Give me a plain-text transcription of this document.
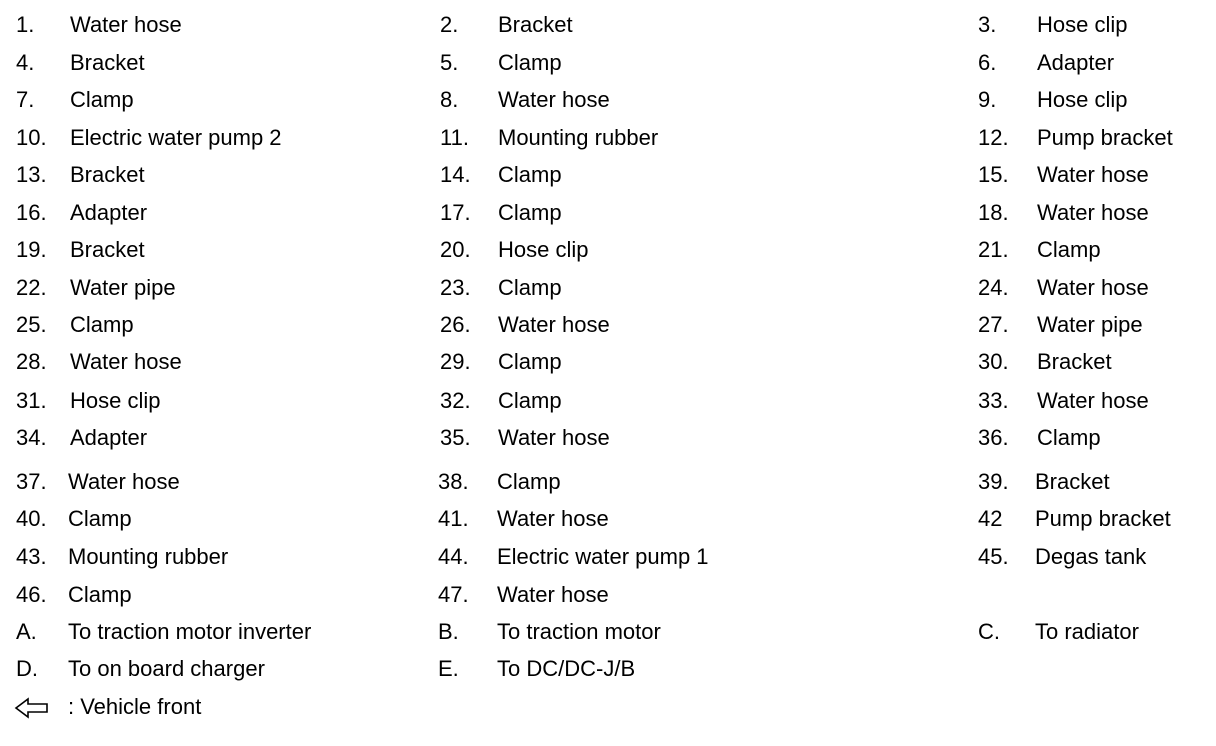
1.	Water hose	2.	Bracket	3.	Hose clip
4.	Bracket	5.	Clamp	6.	Adapter
7.	Clamp	8.	Water hose	9.	Hose clip
10.	Electric water pump 2	11.	Mounting rubber	12.	Pump bracket
13.	Bracket	14.	Clamp	15.	Water hose
16.	Adapter	17.	Clamp	18.	Water hose
19.	Bracket	20.	Hose clip	21.	Clamp
22.	Water pipe	23.	Clamp	24.	Water hose
25.	Clamp	26.	Water hose	27.	Water pipe
28.	Water hose	29.	Clamp	30.	Bracket
31.	Hose clip	32.	Clamp	33.	Water hose
34.	Adapter	35.	Water hose	36.	Clamp
37. Water hose	38.	Clamp	39.	Bracket
40. Clamp	41.	Water hose	42	Pump bracket
43. Mounting rubber	44.	Electric water pump 1	45.	Degas tank
46. Clamp	47.	Water hose
A.	To traction motor inverter	B.	To traction motor	C.	To radiator
D.	To on board charger	E.	To DC/DC-J/B
: Vehicle front
